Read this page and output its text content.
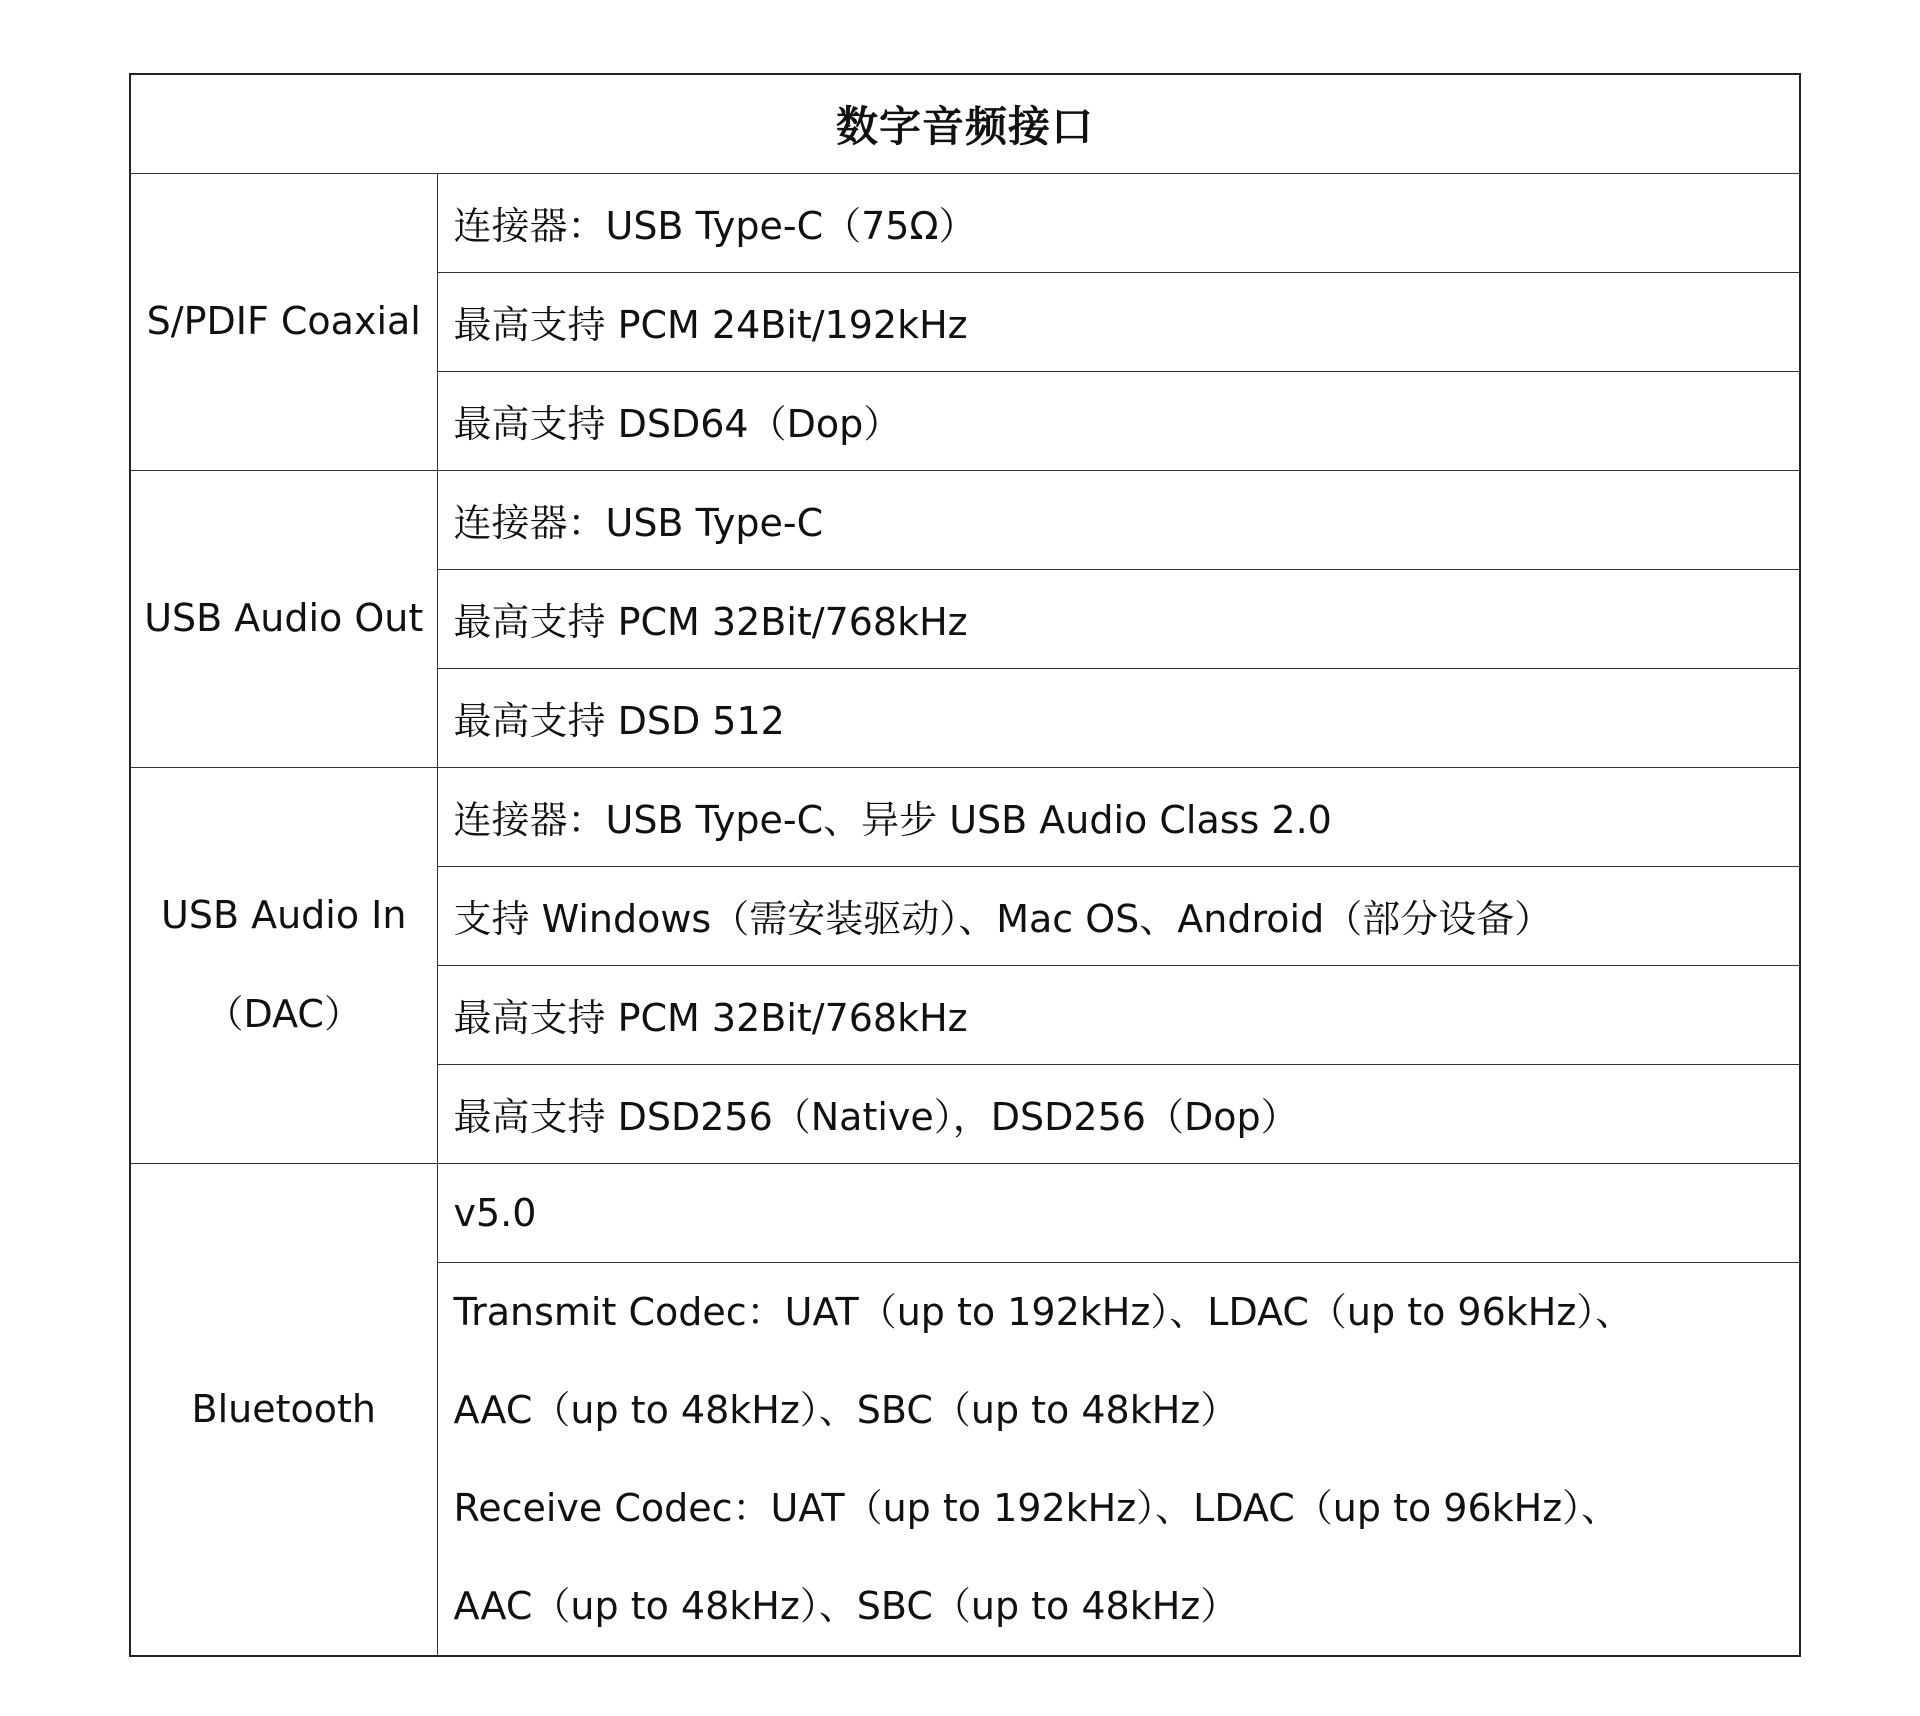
数字音频接口	
S/PDIF Coaxial	连接器：USB Type-C（75Ω）
	最高支持 PCM 24Bit/192kHz
	最高支持 DSD64（Dop）
USB Audio Out	连接器：USB Type-C
	最高支持 PCM 32Bit/768kHz
	最高支持 DSD 512

USB Audio In
（DAC）	连接器：USB Type-C、异步 USB Audio Class 2.0
	支持 Windows（需安装驱动）、Mac OS、Android（部分设备）
	最高支持 PCM 32Bit/768kHz
	最高支持 DSD256（Native），DSD256（Dop）
Bluetooth	v5.0

	Transmit Codec：UAT（up to 192kHz）、LDAC（up to 96kHz）、
AAC（up to 48kHz）、SBC（up to 48kHz）
Receive Codec：UAT（up to 192kHz）、LDAC（up to 96kHz）、
AAC（up to 48kHz）、SBC（up to 48kHz）
